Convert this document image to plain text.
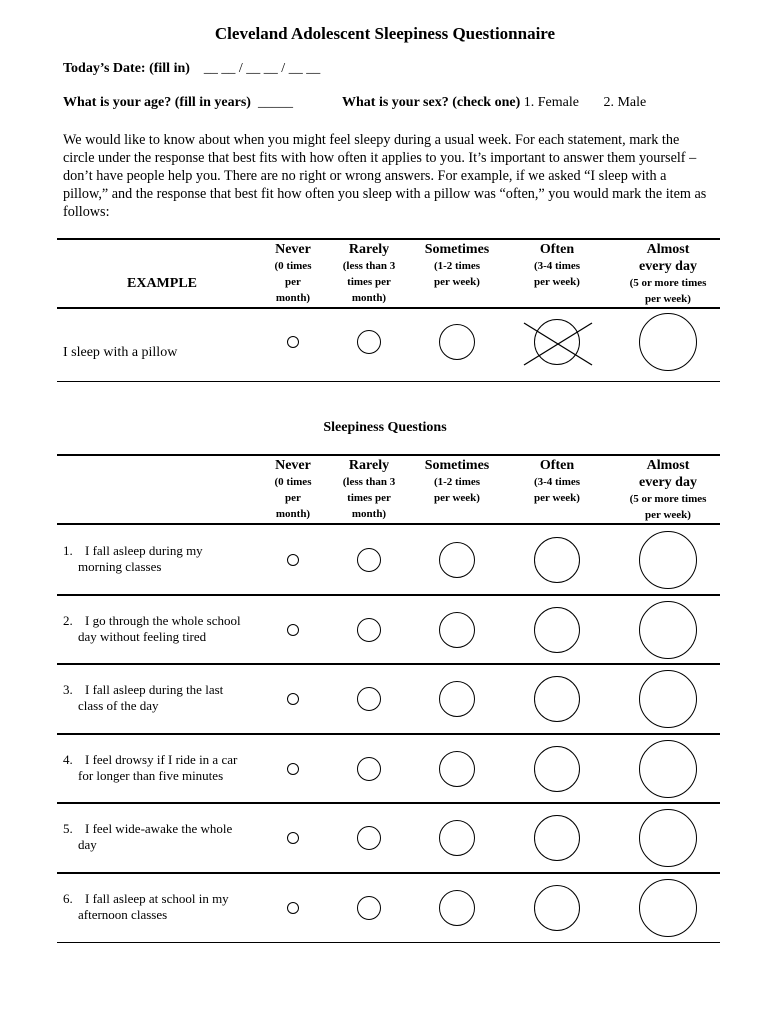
Cleveland Adolescent Sleepiness Questionnaire
Today’s Date: (fill in) __ __ / __ __ / __ __
What is your age? (fill in years) _____	What is your sex? (check one) 1. Female 2. Male
We would like to know about when you might feel sleepy during a usual week. For each statement, mark the circle under the response that best fits with how often it applies to you. It’s important to answer them yourself – don’t have people help you. There are no right or wrong answers. For example, if we asked “I sleep with a pillow,” and the response that best fit how often you sleep with a pillow was “often,” you would mark the item as follows:
Never
(0 times
per
month)
Rarely
(less than 3
times per
month)
Sometimes
(1-2 times
per week)
Often
(3-4 times
per week)
Almost
every day
(5 or more times
per week)
EXAMPLE
I sleep with a pillow
Sleepiness Questions
Never
(0 times
per
month)
Rarely
(less than 3
times per
month)
Sometimes
(1-2 times
per week)
Often
(3-4 times
per week)
Almost
every day
(5 or more times
per week)
1. I fall asleep during my
morning classes
2. I go through the whole school
day without feeling tired
3. I fall asleep during the last
class of the day
4. I feel drowsy if I ride in a car
for longer than five minutes
5. I feel wide-awake the whole
day
6. I fall asleep at school in my
afternoon classes
